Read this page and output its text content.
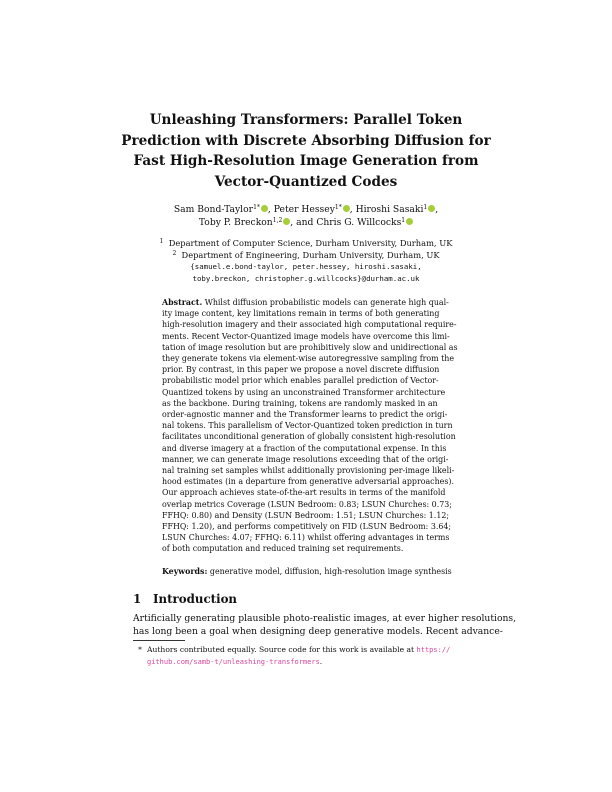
Unleashing Transformers: Parallel Token
Prediction with Discrete Absorbing Diffusion for
Fast High-Resolution Image Generation from
Vector-Quantized Codes
Sam Bond-Taylor$^{1*}$ , Peter Hessey$^{1*}$ , Hiroshi Sasaki$^1$ ,
Toby P. Breckon$^{1,2}$ , and Chris G. Willcocks$^1$
$^1$ Department of Computer Science, Durham University, Durham, UK
$^2$ Department of Engineering, Durham University, Durham, UK
{samuel.e.bond-taylor, peter.hessey, hiroshi.sasaki,
toby.breckon, christopher.g.willcocks}@durham.ac.uk
Abstract. Whilst diffusion probabilistic models can generate high qual-
ity image content, key limitations remain in terms of both generating
high-resolution imagery and their associated high computational require-
ments. Recent Vector-Quantized image models have overcome this limi-
tation of image resolution but are prohibitively slow and unidirectional as
they generate tokens via element-wise autoregressive sampling from the
prior. By contrast, in this paper we propose a novel discrete diffusion
probabilistic model prior which enables parallel prediction of Vector-
Quantized tokens by using an unconstrained Transformer architecture
as the backbone. During training, tokens are randomly masked in an
order-agnostic manner and the Transformer learns to predict the origi-
nal tokens. This parallelism of Vector-Quantized token prediction in turn
facilitates unconditional generation of globally consistent high-resolution
and diverse imagery at a fraction of the computational expense. In this
manner, we can generate image resolutions exceeding that of the origi-
nal training set samples whilst additionally provisioning per-image likeli-
hood estimates (in a departure from generative adversarial approaches).
Our approach achieves state-of-the-art results in terms of the manifold
overlap metrics Coverage (LSUN Bedroom: 0.83; LSUN Churches: 0.73;
FFHQ: 0.80) and Density (LSUN Bedroom: 1.51; LSUN Churches: 1.12;
FFHQ: 1.20), and performs competitively on FID (LSUN Bedroom: 3.64;
LSUN Churches: 4.07; FFHQ: 6.11) whilst offering advantages in terms
of both computation and reduced training set requirements.
Keywords: generative model, diffusion, high-resolution image synthesis
1 Introduction
Artificially generating plausible photo-realistic images, at ever higher resolutions,
has long been a goal when designing deep generative models. Recent advance-
* Authors contributed equally. Source code for this work is available at https://
github.com/samb-t/unleashing-transformers.
